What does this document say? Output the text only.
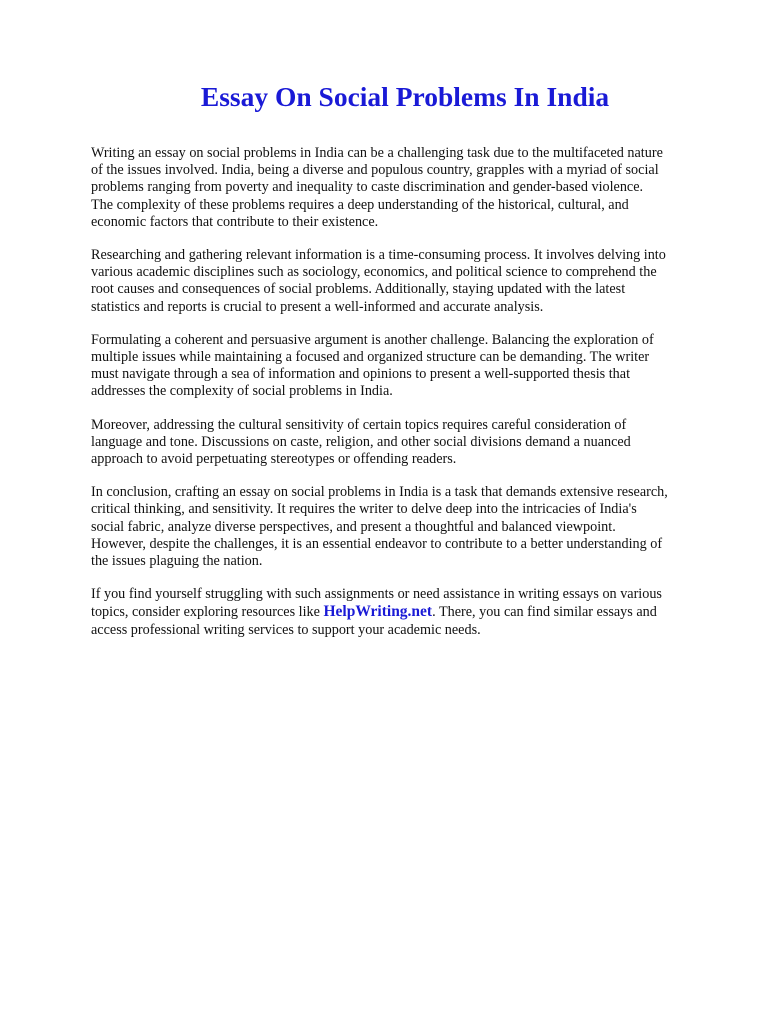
Essay On Social Problems In India

Writing an essay on social problems in India can be a challenging task due to the multifaceted nature
of the issues involved. India, being a diverse and populous country, grapples with a myriad of social
problems ranging from poverty and inequality to caste discrimination and gender-based violence.
The complexity of these problems requires a deep understanding of the historical, cultural, and
economic factors that contribute to their existence.

Researching and gathering relevant information is a time-consuming process. It involves delving into
various academic disciplines such as sociology, economics, and political science to comprehend the
root causes and consequences of social problems. Additionally, staying updated with the latest
statistics and reports is crucial to present a well-informed and accurate analysis.

Formulating a coherent and persuasive argument is another challenge. Balancing the exploration of
multiple issues while maintaining a focused and organized structure can be demanding. The writer
must navigate through a sea of information and opinions to present a well-supported thesis that
addresses the complexity of social problems in India.

Moreover, addressing the cultural sensitivity of certain topics requires careful consideration of
language and tone. Discussions on caste, religion, and other social divisions demand a nuanced
approach to avoid perpetuating stereotypes or offending readers.

In conclusion, crafting an essay on social problems in India is a task that demands extensive research,
critical thinking, and sensitivity. It requires the writer to delve deep into the intricacies of India's
social fabric, analyze diverse perspectives, and present a thoughtful and balanced viewpoint.
However, despite the challenges, it is an essential endeavor to contribute to a better understanding of
the issues plaguing the nation.

If you find yourself struggling with such assignments or need assistance in writing essays on various
topics, consider exploring resources like HelpWriting.net. There, you can find similar essays and
access professional writing services to support your academic needs.
